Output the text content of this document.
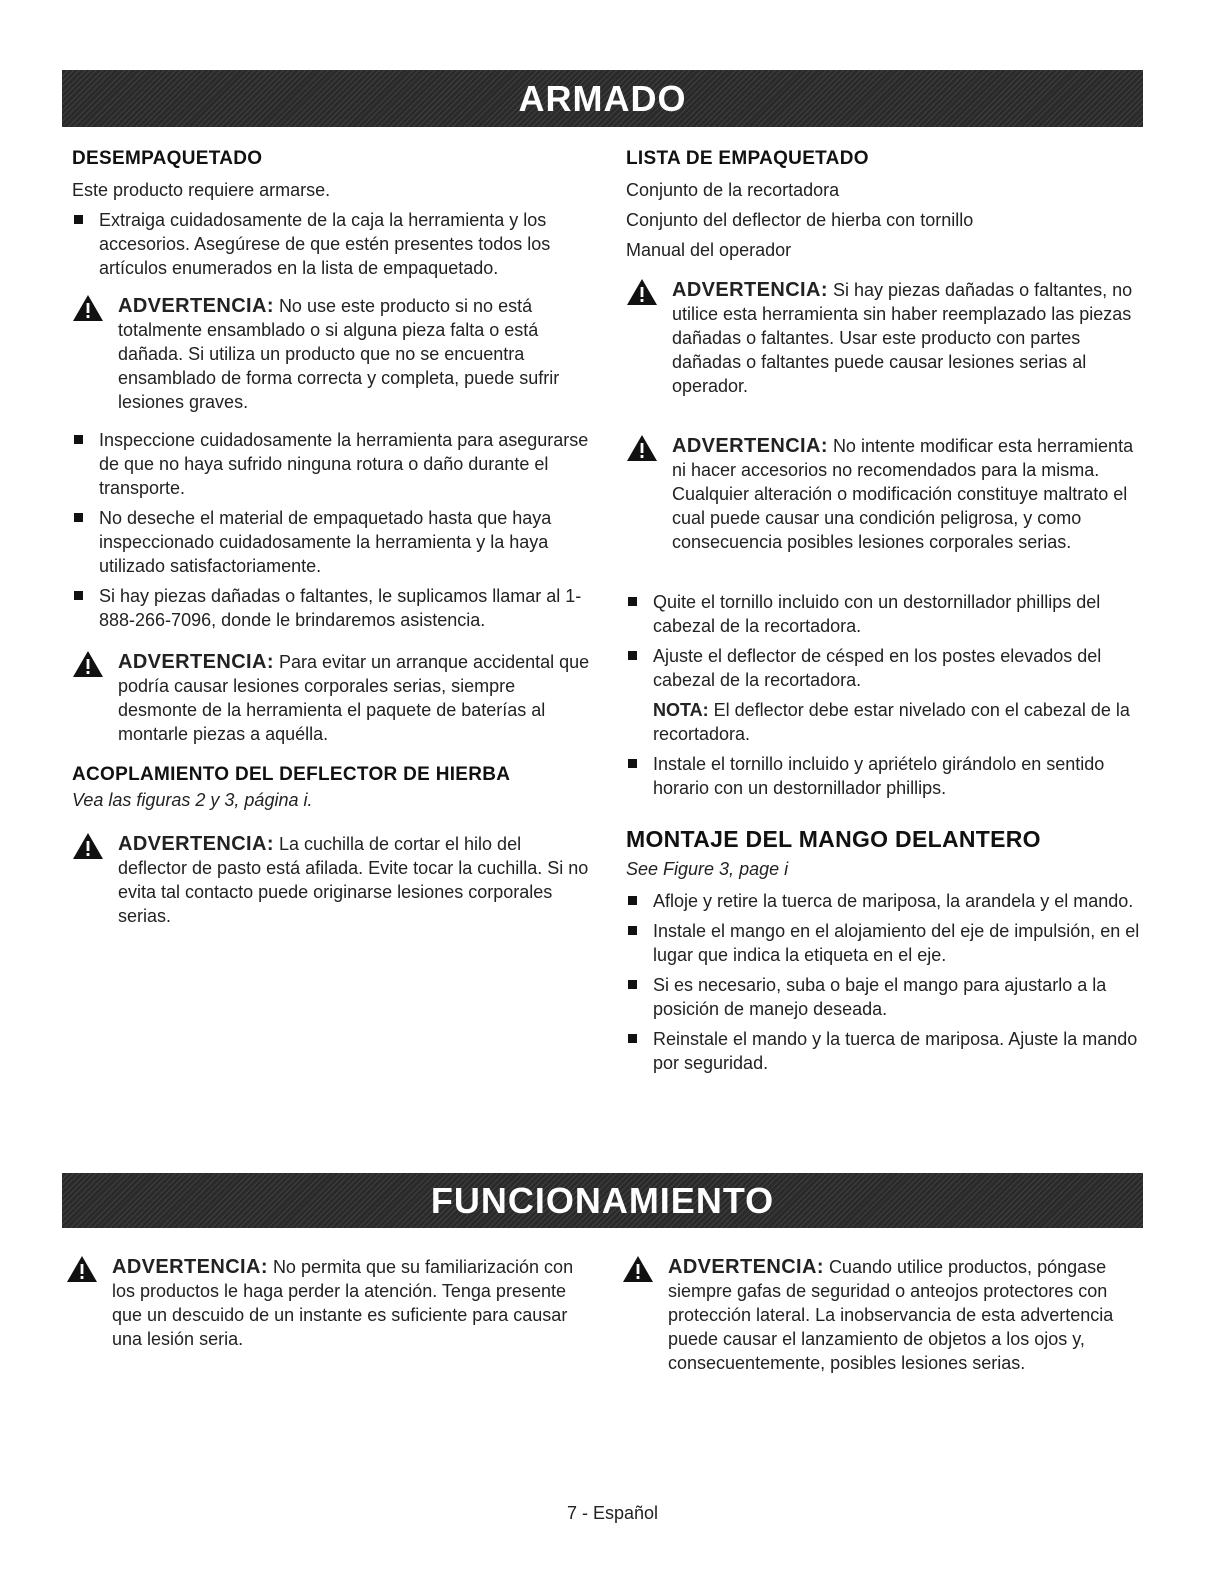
ARMADO
DESEMPAQUETADO

Este producto requiere armarse.

Extraiga cuidadosamente de la caja la herramienta y los accesorios. Asegúrese de que estén presentes todos los artículos enumerados en la lista de empaquetado.
ADVERTENCIA: No use este producto si no está totalmente ensamblado o si alguna pieza falta o está dañada. Si utiliza un producto que no se encuentra ensamblado de forma correcta y completa, puede sufrir lesiones graves.
Inspeccione cuidadosamente la herramienta para asegurarse de que no haya sufrido ninguna rotura o daño durante el transporte.
No deseche el material de empaquetado hasta que haya inspeccionado cuidadosamente la herramienta y la haya utilizado satisfactoriamente.
Si hay piezas dañadas o faltantes, le suplicamos llamar al 1-888-266-7096, donde le brindaremos asistencia.
ADVERTENCIA: Para evitar un arranque accidental que podría causar lesiones corporales serias, siempre desmonte de la herramienta el paquete de baterías al montarle piezas a aquélla.
ACOPLAMIENTO DEL DEFLECTOR DE HIERBA

Vea las figuras 2 y 3, página i.

ADVERTENCIA: La cuchilla de cortar el hilo del deflector de pasto está afilada. Evite tocar la cuchilla. Si no evita tal contacto puede originarse lesiones corporales serias.
LISTA DE EMPAQUETADO

Conjunto de la recortadora

Conjunto del deflector de hierba con tornillo

Manual del operador

ADVERTENCIA: Si hay piezas dañadas o faltantes, no utilice esta herramienta sin haber reemplazado las piezas dañadas o faltantes. Usar este producto con partes dañadas o faltantes puede causar lesiones serias al operador.
ADVERTENCIA: No intente modificar esta herramienta ni hacer accesorios no recomendados para la misma. Cualquier alteración o modificación constituye maltrato el cual puede causar una condición peligrosa, y como consecuencia posibles lesiones corporales serias.
Quite el tornillo incluido con un destornillador phillips del cabezal de la recortadora.
Ajuste el deflector de césped en los postes elevados del cabezal de la recortadora.
NOTA: El deflector debe estar nivelado con el cabezal de la recortadora.
Instale el tornillo incluido y apriételo girándolo en sentido horario con un destornillador phillips.
MONTAJE DEL MANGO DELANTERO

See Figure 3, page i

Afloje y retire la tuerca de mariposa, la arandela y el mando.
Instale el mango en el alojamiento del eje de impulsión, en el lugar que indica la etiqueta en el eje.
Si es necesario, suba o baje el mango para ajustarlo a la posición de manejo deseada.
Reinstale el mando y la tuerca de mariposa. Ajuste la mando por seguridad.
FUNCIONAMIENTO
ADVERTENCIA: No permita que su familiarización con los productos le haga perder la atención. Tenga presente que un descuido de un instante es suficiente para causar una lesión seria.
ADVERTENCIA: Cuando utilice productos, póngase siempre gafas de seguridad o anteojos protectores con protección lateral. La inobservancia de esta advertencia puede causar el lanzamiento de objetos a los ojos y, consecuentemente, posibles lesiones serias.
7 - Español
